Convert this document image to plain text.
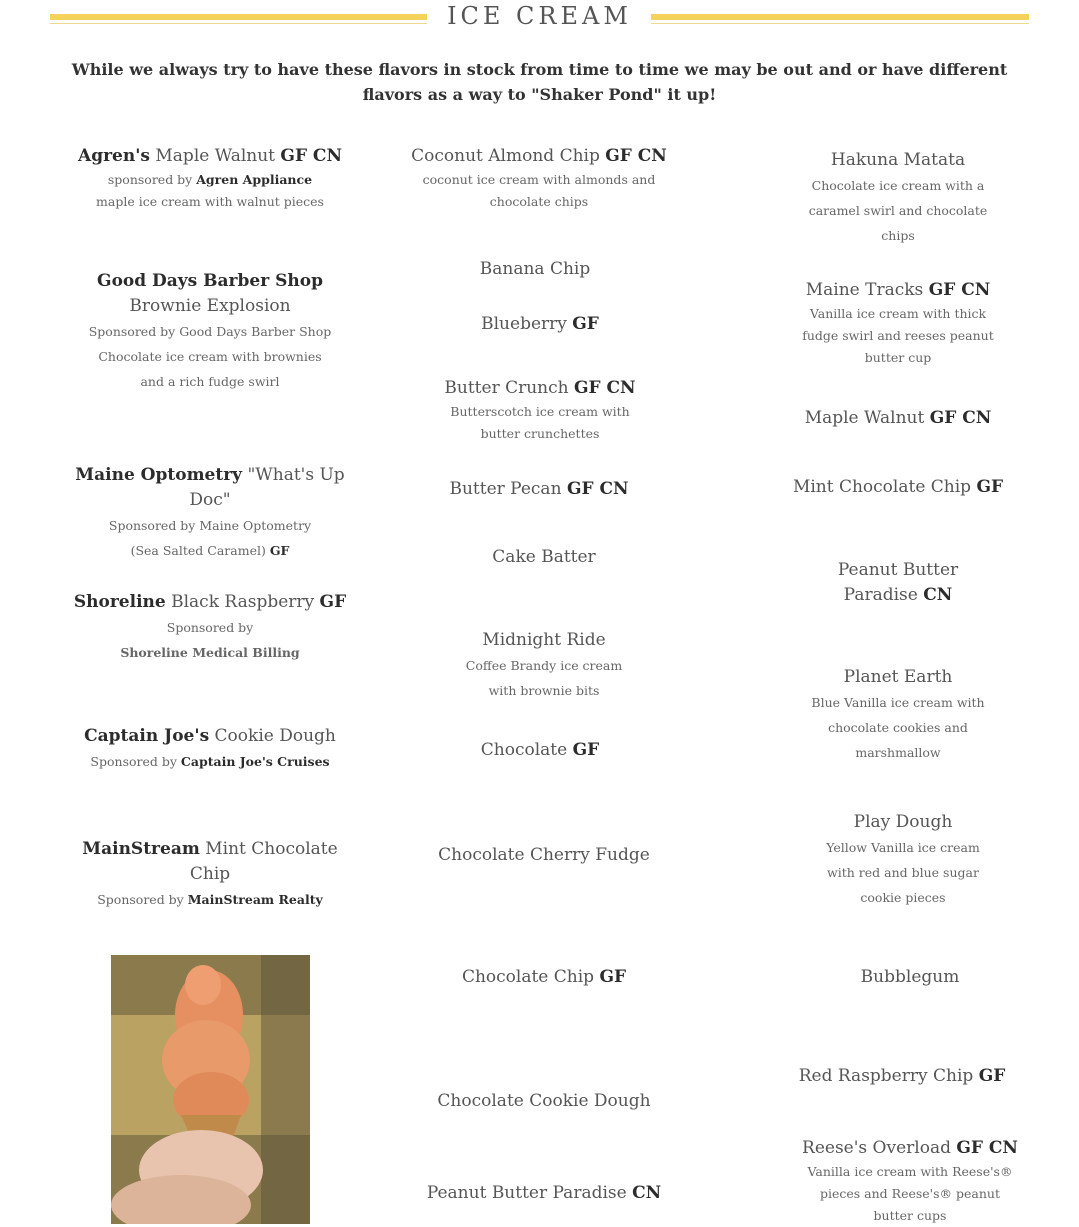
ICE CREAM
While we always try to have these flavors in stock from time to time we may be out and or have different flavors as a way to "Shaker Pond" it up!
Agren's Maple Walnut GF CN
sponsored by Agren Appliance
maple ice cream with walnut pieces
Good Days Barber Shop
Brownie Explosion
Sponsored by Good Days Barber Shop
Chocolate ice cream with brownies
and a rich fudge swirl
Maine Optometry "What's Up Doc"
Sponsored by Maine Optometry
(Sea Salted Caramel) GF
Shoreline Black Raspberry GF
Sponsored by
Shoreline Medical Billing
Captain Joe's Cookie Dough
Sponsored by Captain Joe's Cruises
MainStream Mint Chocolate Chip
Sponsored by MainStream Realty
Coconut Almond Chip GF CN
coconut ice cream with almonds and
chocolate chips
Banana Chip
Blueberry GF
Butter Crunch GF CN
Butterscotch ice cream with
butter crunchettes
Butter Pecan GF CN
Cake Batter
Midnight Ride
Coffee Brandy ice cream
with brownie bits
Chocolate GF
Chocolate Cherry Fudge
Chocolate Chip GF
Chocolate Cookie Dough
Peanut Butter Paradise CN
Hakuna Matata
Chocolate ice cream with a
caramel swirl and chocolate
chips
Maine Tracks GF CN
Vanilla ice cream with thick
fudge swirl and reeses peanut
butter cup
Maple Walnut GF CN
Mint Chocolate Chip GF
Peanut Butter
Paradise CN
Planet Earth
Blue Vanilla ice cream with
chocolate cookies and
marshmallow
Play Dough
Yellow Vanilla ice cream
with red and blue sugar
cookie pieces
Bubblegum
Red Raspberry Chip GF
Reese's Overload GF CN
Vanilla ice cream with Reese's®
pieces and Reese's® peanut
butter cups
